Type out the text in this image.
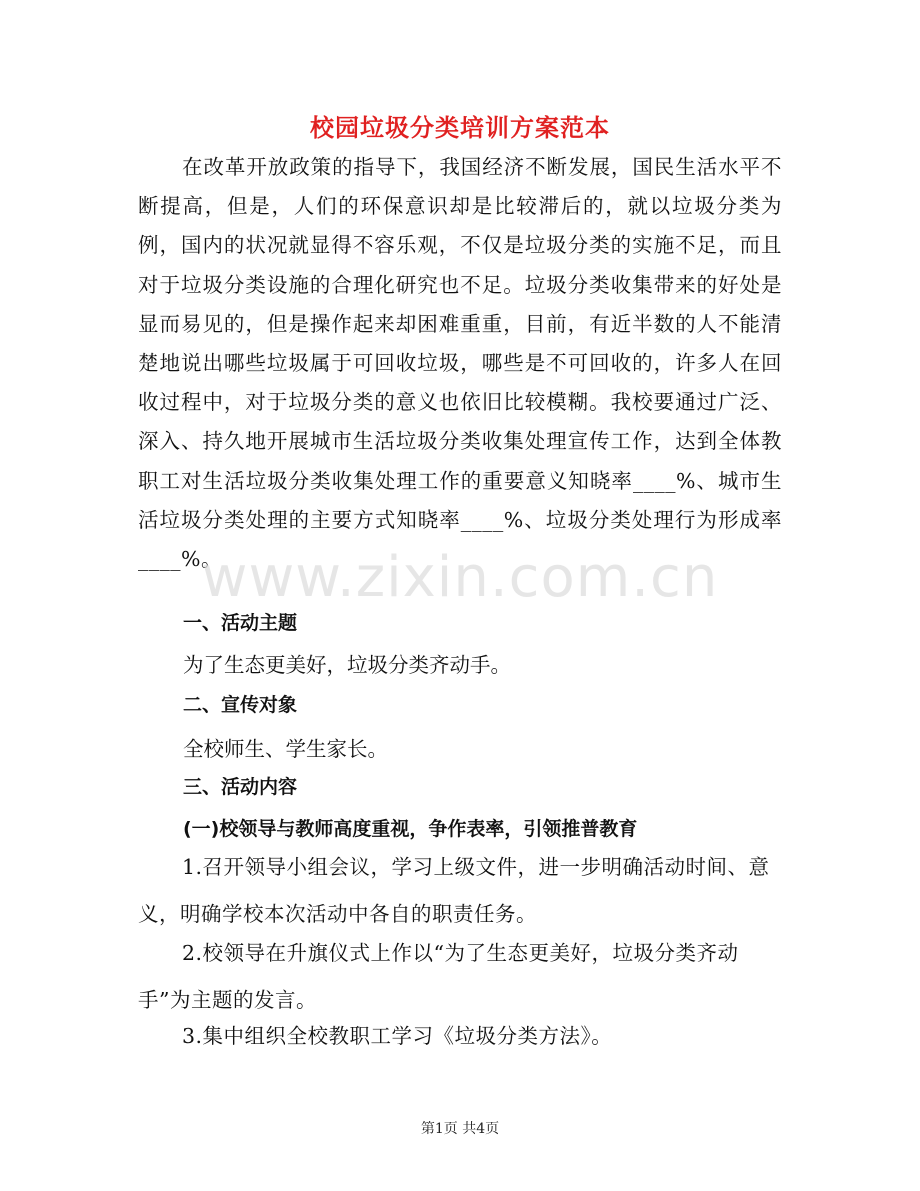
校园垃圾分类培训方案范本
在改革开放政策的指导下，我国经济不断发展，国民生活水平不断提高，但是，人们的环保意识却是比较滞后的，就以垃圾分类为例，国内的状况就显得不容乐观，不仅是垃圾分类的实施不足，而且对于垃圾分类设施的合理化研究也不足。垃圾分类收集带来的好处是显而易见的，但是操作起来却困难重重，目前，有近半数的人不能清楚地说出哪些垃圾属于可回收垃圾，哪些是不可回收的，许多人在回收过程中，对于垃圾分类的意义也依旧比较模糊。我校要通过广泛、深入、持久地开展城市生活垃圾分类收集处理宣传工作，达到全体教职工对生活垃圾分类收集处理工作的重要意义知晓率____%、城市生活垃圾分类处理的主要方式知晓率____%、垃圾分类处理行为形成率____%。
一、活动主题
为了生态更美好，垃圾分类齐动手。
二、宣传对象
全校师生、学生家长。
三、活动内容
(一)校领导与教师高度重视，争作表率，引领推普教育
1.召开领导小组会议，学习上级文件，进一步明确活动时间、意义，明确学校本次活动中各自的职责任务。
2.校领导在升旗仪式上作以“为了生态更美好，垃圾分类齐动手”为主题的发言。
3.集中组织全校教职工学习《垃圾分类方法》。
www.zixin.com.cn
第1页 共4页
